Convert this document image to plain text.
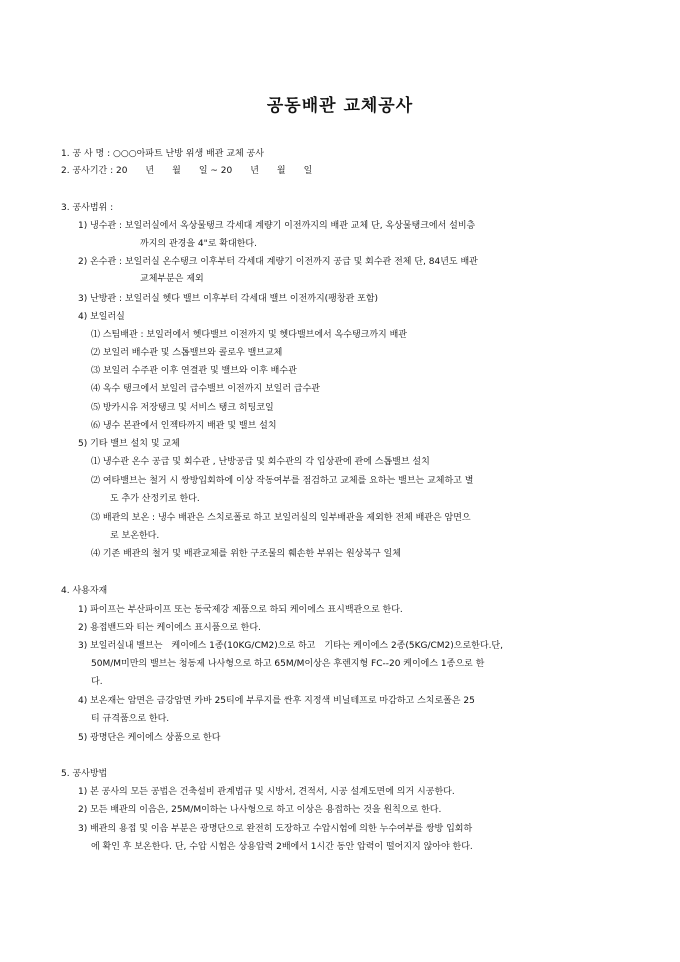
공동배관 교체공사
1. 공 사 명 : ○○○아파트 난방 위생 배관 교체 공사
2. 공사기간 : 20　　년　　월　　일 ~ 20　　년　　월　　일
3. 공사범위 :
1) 냉수관 : 보일러실에서 옥상물탱크 각세대 계량기 이전까지의 배관 교체 단, 옥상물탱크에서 설비층
까지의 관경을 4"로 확대한다.
2) 온수관 : 보일러실 온수탱크 이후부터 각세대 계량기 이전까지 공급 및 회수관 전체 단, 84년도 배관
교체부분은 제외
3) 난방관 : 보일러실 헷다 밸브 이후부터 각세대 밸브 이전까지(팽창관 포함)
4) 보일러실
⑴ 스팀배관 : 보일러에서 헷다밸브 이전까지 및 헷다밸브에서 옥수탱크까지 배관
⑵ 보일러 배수관 및 스톱밸브와 콜로우 밸브교체
⑶ 보일러 수주관 이후 연결관 및 밸브와 이후 배수관
⑷ 옥수 탱크에서 보일러 급수밸브 이전까지 보일러 급수관
⑸ 방카시유 저장탱크 및 서비스 탱크 히팅코일
⑹ 냉수 본관에서 인젝타까지 배관 및 밸브 설치
5) 기타 밸브 설치 및 교체
⑴ 냉수관 온수 공급 및 회수관 , 난방공급 및 회수관의 각 입상관에 관에 스톱밸브 설치
⑵ 여타밸브는 철거 시 쌍방입회하에 이상 작동여부를 점검하고 교체를 요하는 밸브는 교체하고 별
도 추가 산정키로 한다.
⑶ 배관의 보온 : 냉수 배관은 스치로폴로 하고 보일러실의 일부배관을 제외한 전체 배관은 암면으
로 보온한다.
⑷ 기존 배관의 철거 및 배관교체를 위한 구조물의 훼손한 부위는 원상복구 일체
4. 사용자재
1) 파이프는 부산파이프 또는 동국제강 제품으로 하되 케이에스 표시백관으로 한다.
2) 용접밴드와 티는 케이에스 표시품으로 한다.
3) 보일러실내 밸브는　케이에스 1종(10KG/CM2)으로 하고　기타는 케이에스 2종(5KG/CM2)으로한다.단,
50M/M미만의 밸브는 청동제 나사형으로 하고 65M/M이상은 후렌지형 FC--20 케이에스 1종으로 한
다.
4) 보온재는 암면은 금강암면 카바 25티에 부루지를 싼후 지정색 비닐테프로 마감하고 스치로폴은 25
티 규격품으로 한다.
5) 광명단은 케이에스 상품으로 한다
5. 공사방법
1) 본 공사의 모든 공법은 건축설비 관계법규 및 시방서, 견적서, 시공 설계도면에 의거 시공한다.
2) 모든 배관의 이음은, 25M/M이하는 나사형으로 하고 이상은 용접하는 것을 원칙으로 한다.
3) 배관의 용접 및 이음 부분은 광명단으로 완전히 도장하고 수압시험에 의한 누수여부를 쌍방 입회하
에 확인 후 보온한다. 단, 수압 시험은 상용압력 2배에서 1시간 동안 압력이 떨어지지 않아야 한다.
